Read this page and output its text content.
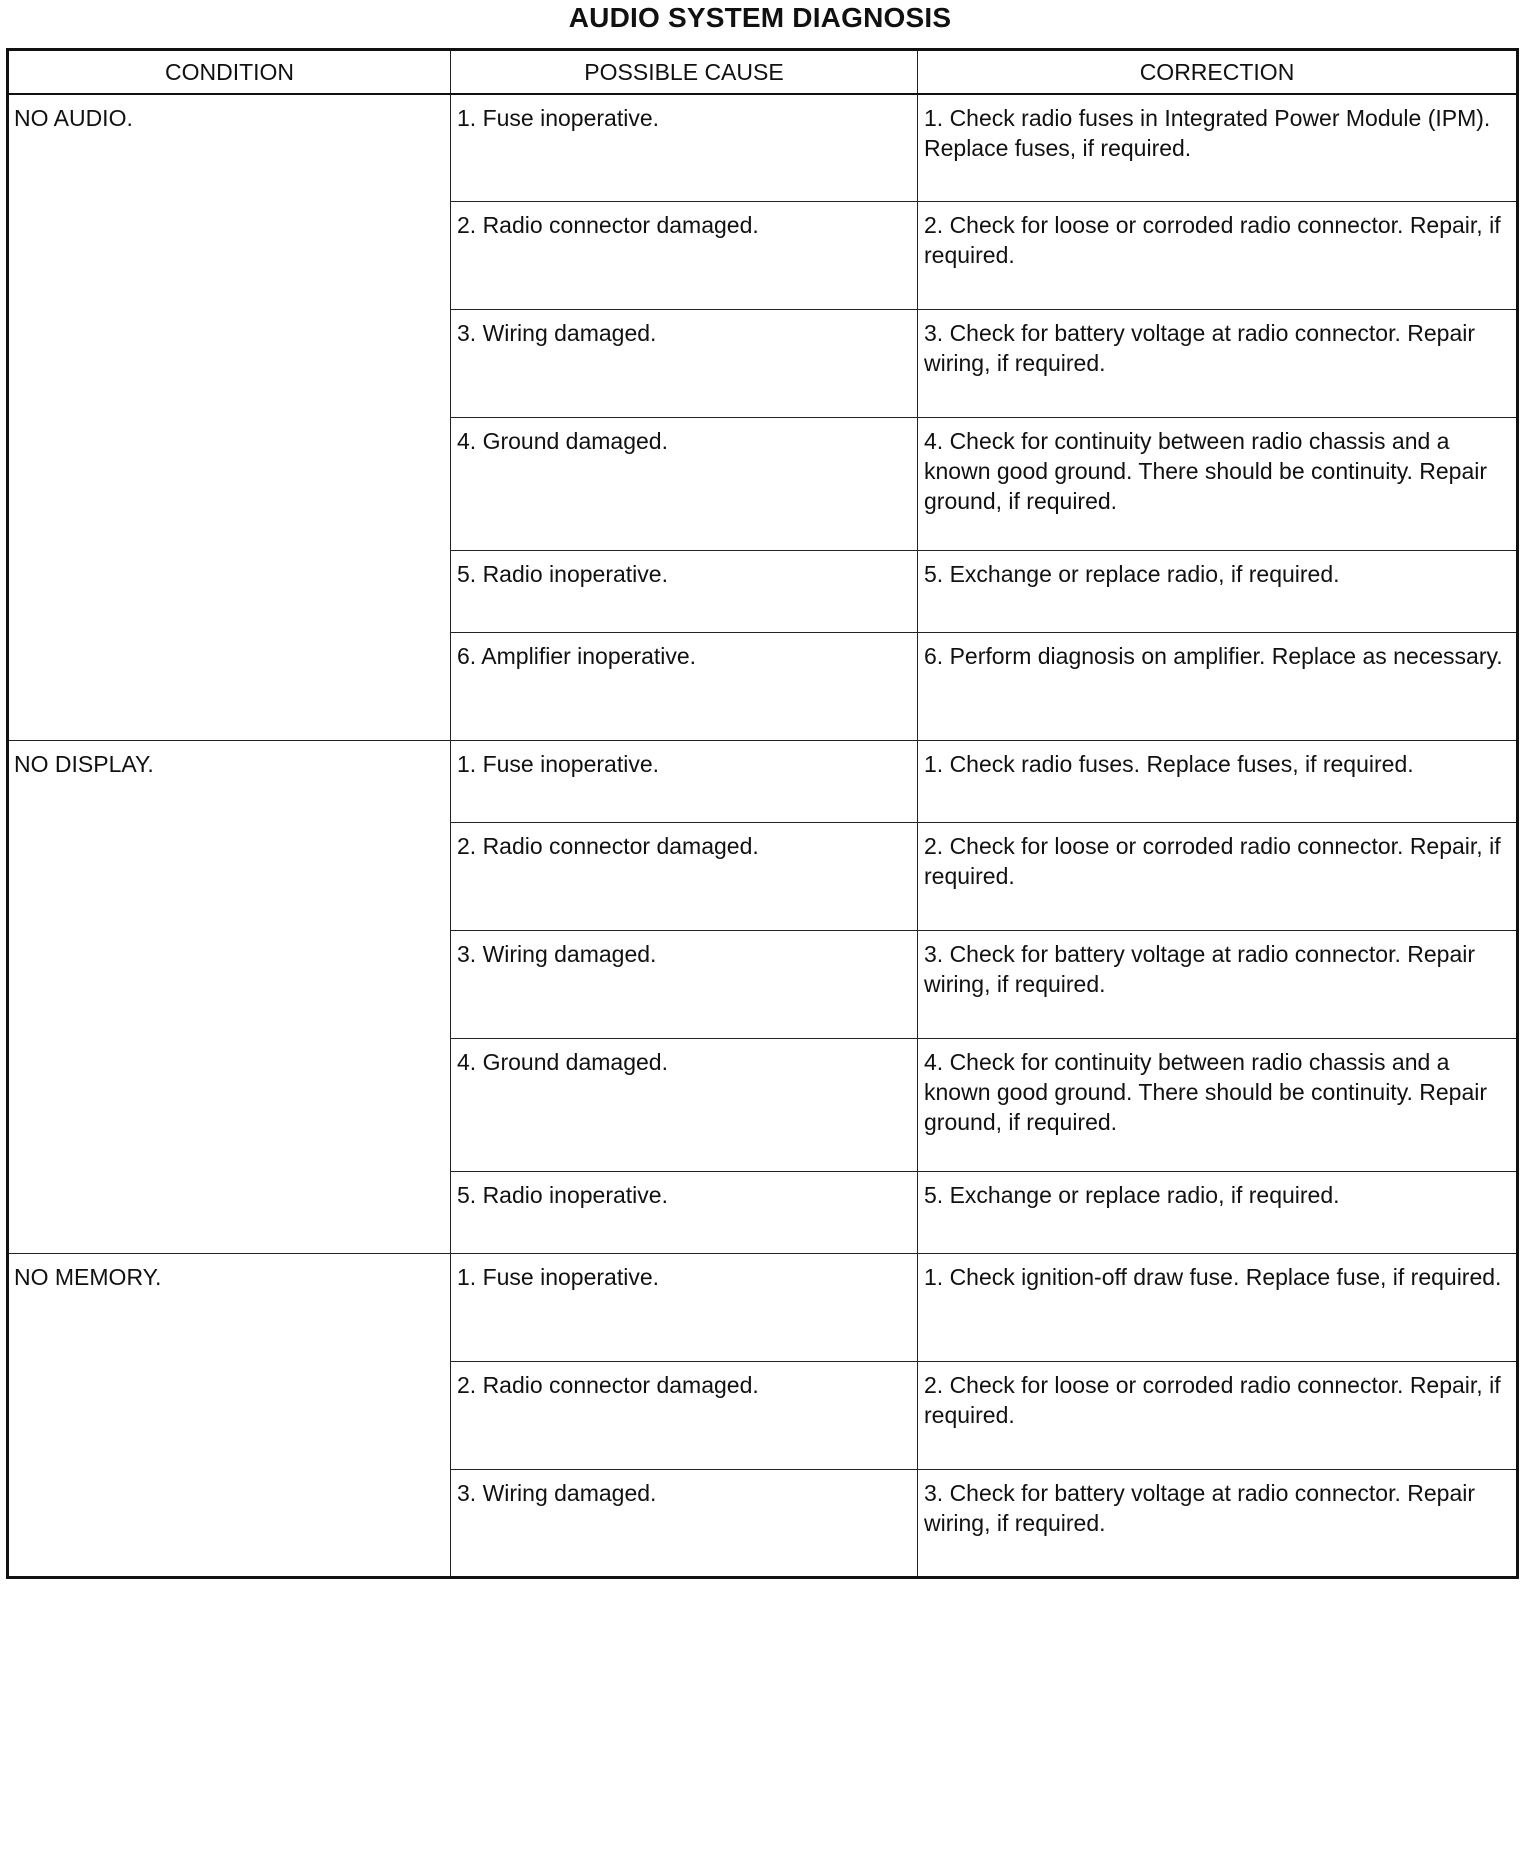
AUDIO SYSTEM DIAGNOSIS
CONDITION	POSSIBLE CAUSE	CORRECTION
NO AUDIO.	1. Fuse inoperative.	1. Check radio fuses in Integrated Power Module (IPM). Replace fuses, if required.
	2. Radio connector damaged.	2. Check for loose or corroded radio connector. Repair, if required.
	3. Wiring damaged.	3. Check for battery voltage at radio connector. Repair wiring, if required.
	4. Ground damaged.	4. Check for continuity between radio chassis and a known good ground. There should be continuity. Repair ground, if required.
	5. Radio inoperative.	5. Exchange or replace radio, if required.
	6. Amplifier inoperative.	6. Perform diagnosis on amplifier. Replace as necessary.
NO DISPLAY.	1. Fuse inoperative.	1. Check radio fuses. Replace fuses, if required.
	2. Radio connector damaged.	2. Check for loose or corroded radio connector. Repair, if required.
	3. Wiring damaged.	3. Check for battery voltage at radio connector. Repair wiring, if required.
	4. Ground damaged.	4. Check for continuity between radio chassis and a known good ground. There should be continuity. Repair ground, if required.
	5. Radio inoperative.	5. Exchange or replace radio, if required.
NO MEMORY.	1. Fuse inoperative.	1. Check ignition-off draw fuse. Replace fuse, if required.
	2. Radio connector damaged.	2. Check for loose or corroded radio connector. Repair, if required.
	3. Wiring damaged.	3. Check for battery voltage at radio connector. Repair wiring, if required.
